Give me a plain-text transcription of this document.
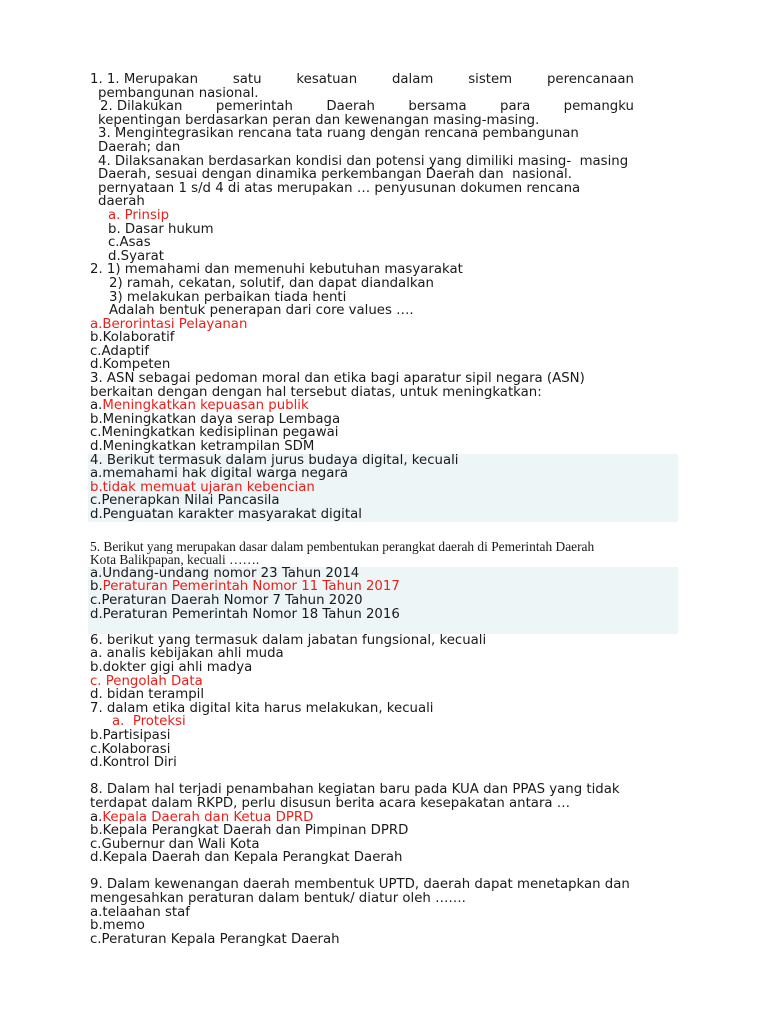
1. 1. Merupakan	satu	kesatuan	dalam	sistem	perencanaan
pembangunan nasional.
2. Dilakukan	pemerintah	Daerah	bersama	para	pemangku
kepentingan berdasarkan peran dan kewenangan masing-masing.
3. Mengintegrasikan rencana tata ruang dengan rencana pembangunan
Daerah; dan
4. Dilaksanakan berdasarkan kondisi dan potensi yang dimiliki masing-  masing
Daerah, sesuai dengan dinamika perkembangan Daerah dan  nasional.
pernyataan 1 s/d 4 di atas merupakan … penyusunan dokumen rencana
daerah
a. Prinsip
b. Dasar hukum
c.Asas
d.Syarat
2. 1) memahami dan memenuhi kebutuhan masyarakat
2) ramah, cekatan, solutif, dan dapat diandalkan
3) melakukan perbaikan tiada henti
Adalah bentuk penerapan dari core values ….
a.Berorintasi Pelayanan
b.Kolaboratif
c.Adaptif
d.Kompeten
3. ASN sebagai pedoman moral dan etika bagi aparatur sipil negara (ASN)
berkaitan dengan dengan hal tersebut diatas, untuk meningkatkan:
a.Meningkatkan kepuasan publik
b.Meningkatkan daya serap Lembaga
c.Meningkatkan kedisiplinan pegawai
d.Meningkatkan ketrampilan SDM
4. Berikut termasuk dalam jurus budaya digital, kecuali
a.memahami hak digital warga negara
b.tidak memuat ujaran kebencian
c.Penerapkan Nilai Pancasila
d.Penguatan karakter masyarakat digital
5. Berikut yang merupakan dasar dalam pembentukan perangkat daerah di Pemerintah Daerah
Kota Balikpapan, kecuali …….
a.Undang-undang nomor 23 Tahun 2014
b.Peraturan Pemerintah Nomor 11 Tahun 2017
c.Peraturan Daerah Nomor 7 Tahun 2020
d.Peraturan Pemerintah Nomor 18 Tahun 2016
6. berikut yang termasuk dalam jabatan fungsional, kecuali
a. analis kebijakan ahli muda
b.dokter gigi ahli madya
c. Pengolah Data
d. bidan terampil
7. dalam etika digital kita harus melakukan, kecuali
a.  Proteksi
b.Partisipasi
c.Kolaborasi
d.Kontrol Diri
8. Dalam hal terjadi penambahan kegiatan baru pada KUA dan PPAS yang tidak
terdapat dalam RKPD, perlu disusun berita acara kesepakatan antara …
a.Kepala Daerah dan Ketua DPRD
b.Kepala Perangkat Daerah dan Pimpinan DPRD
c.Gubernur dan Wali Kota
d.Kepala Daerah dan Kepala Perangkat Daerah
9. Dalam kewenangan daerah membentuk UPTD, daerah dapat menetapkan dan
mengesahkan peraturan dalam bentuk/ diatur oleh …….
a.telaahan staf
b.memo
c.Peraturan Kepala Perangkat Daerah
